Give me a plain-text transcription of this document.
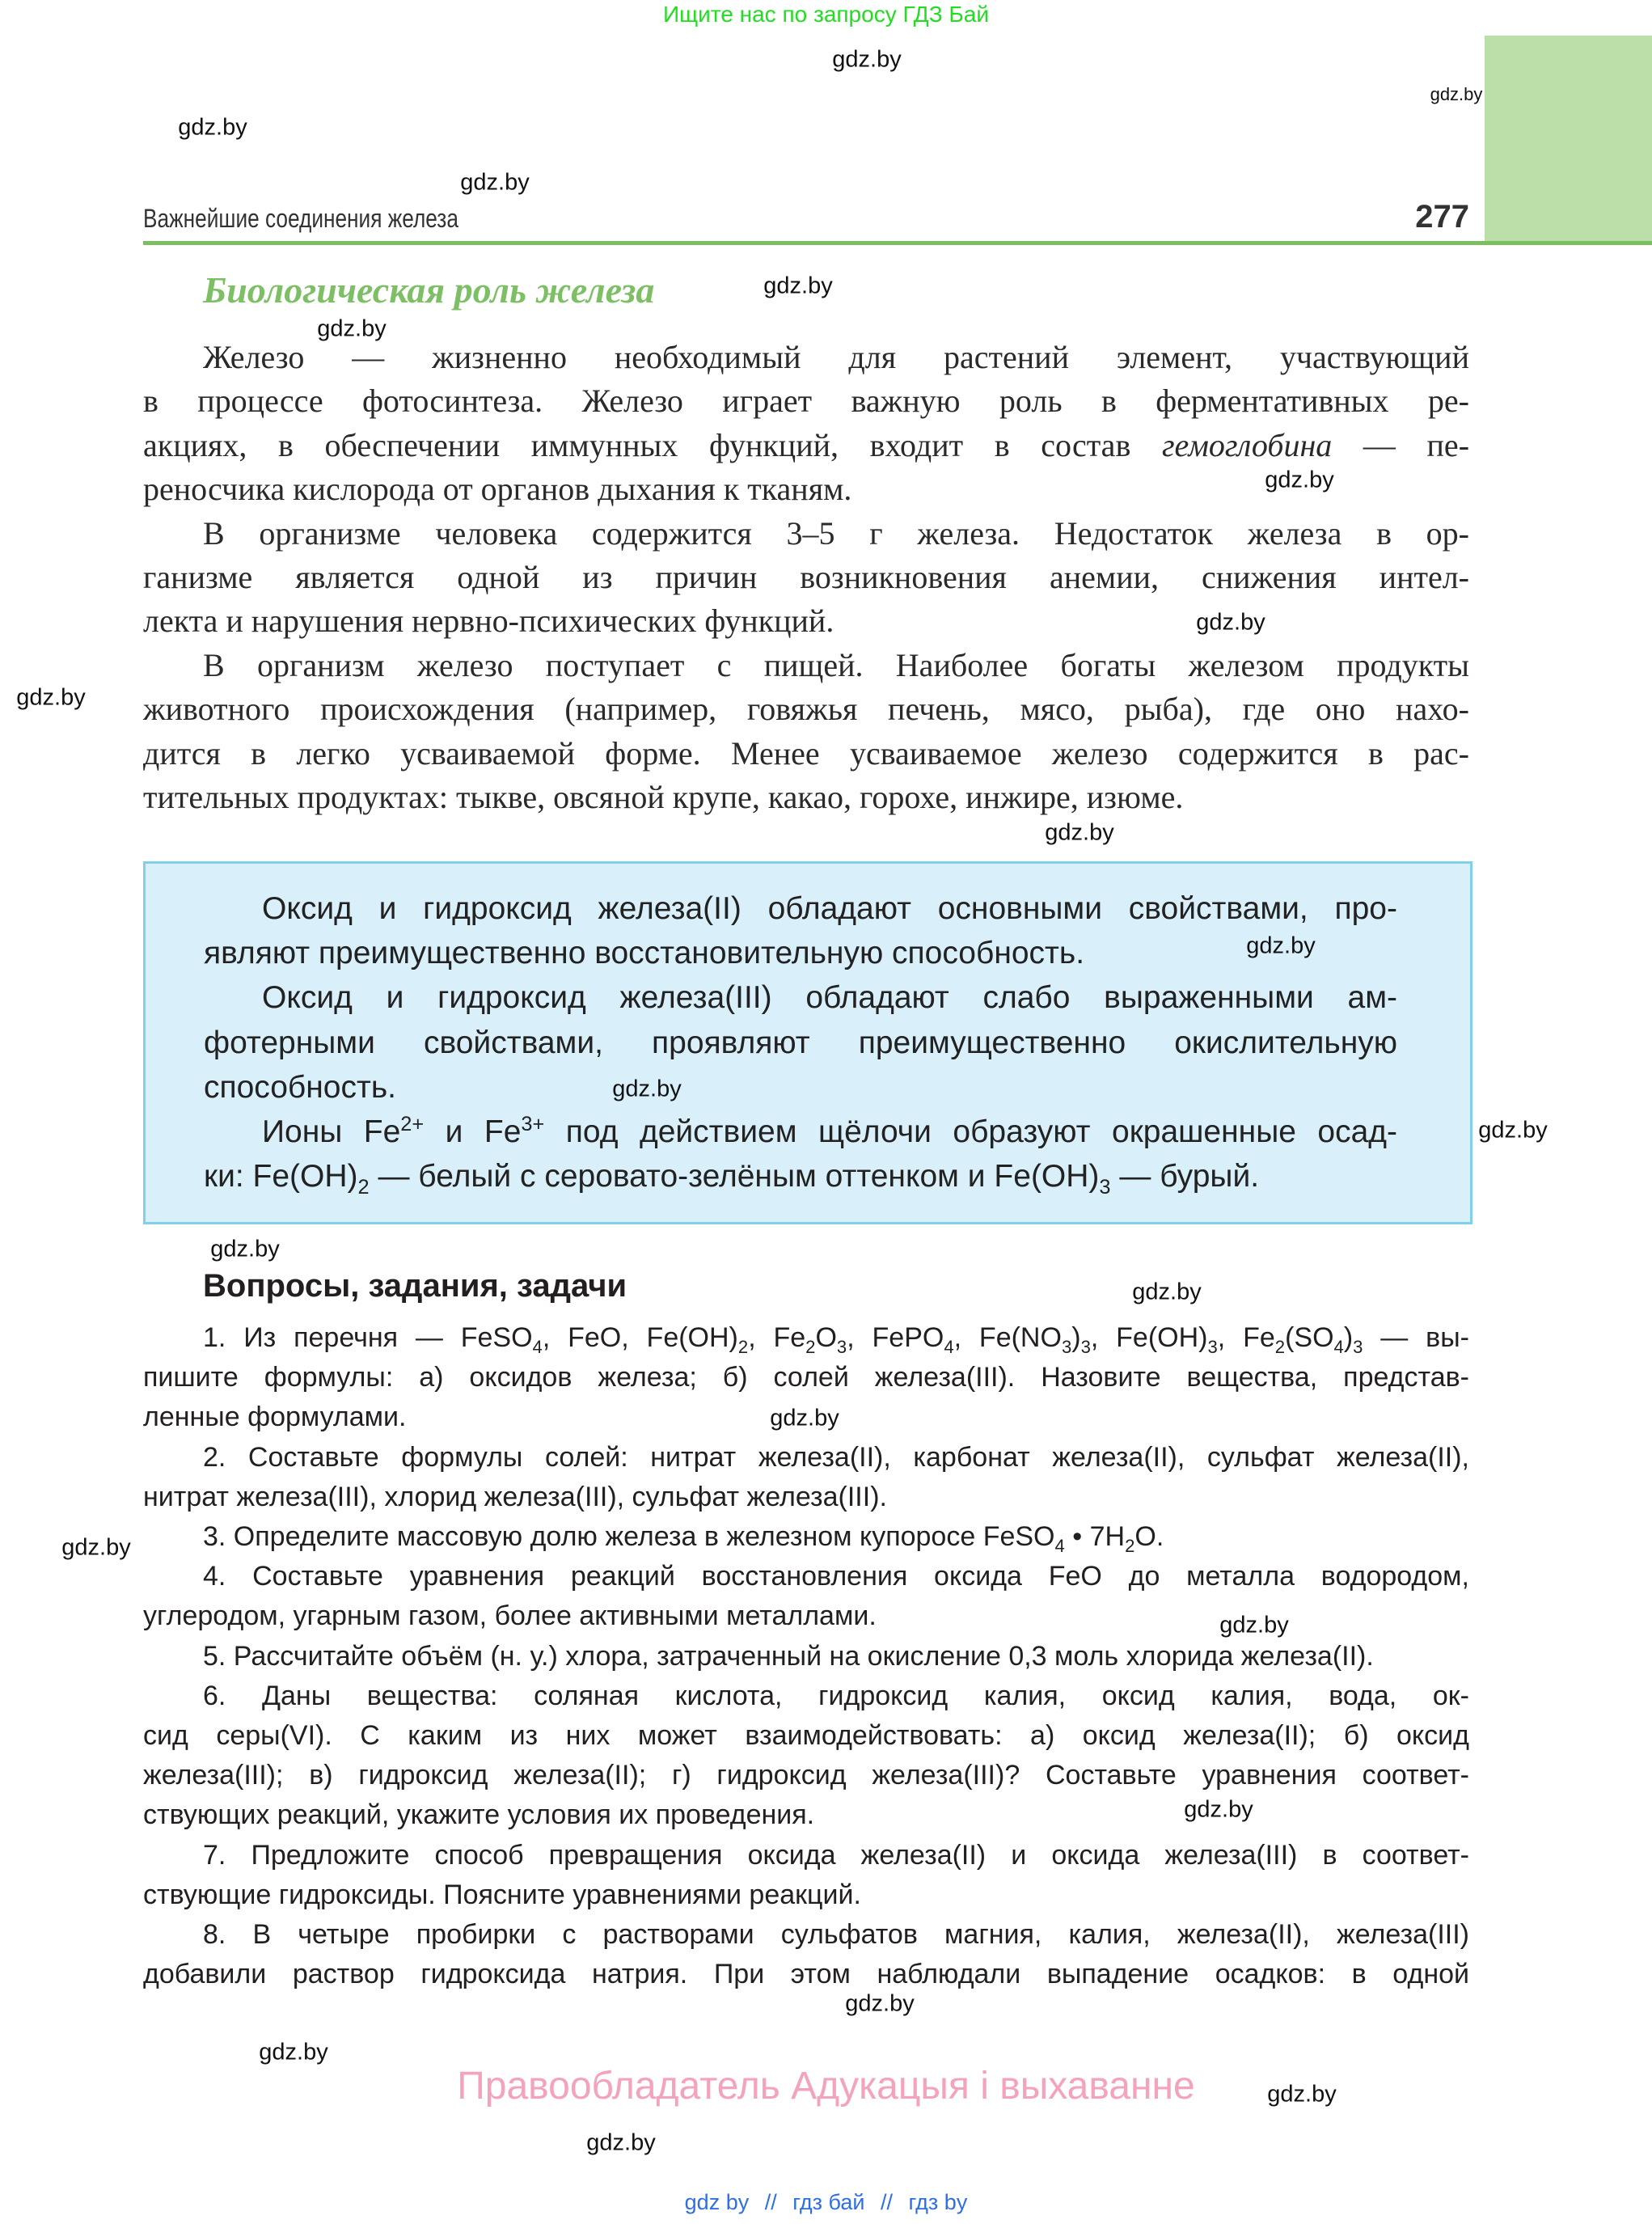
Ищите нас по запросу ГДЗ Бай
Важнейшие соединения железа	277
Биологическая роль железа
Железо — жизненно необходимый для растений элемент, участвующий
в процессе фотосинтеза. Железо играет важную роль в ферментативных ре-
акциях, в обеспечении иммунных функций, входит в состав гемоглобина — пе-
реносчика кислорода от органов дыхания к тканям.
В организме человека содержится 3–5 г железа. Недостаток железа в ор-
ганизме является одной из причин возникновения анемии, снижения интел-
лекта и нарушения нервно-психических функций.
В организм железо поступает с пищей. Наиболее богаты железом продукты
животного происхождения (например, говяжья печень, мясо, рыба), где оно нахо-
дится в легко усваиваемой форме. Менее усваиваемое железо содержится в рас-
тительных продуктах: тыкве, овсяной крупе, какао, горохе, инжире, изюме.
Оксид и гидроксид железа(II) обладают основными свойствами, про-
являют преимущественно восстановительную способность.
Оксид и гидроксид железа(III) обладают слабо выраженными ам-
фотерными свойствами, проявляют преимущественно окислительную
способность.
Ионы $Fe^{2+}$ и $Fe^{3+}$ под действием щёлочи образуют окрашенные осад-
ки: $Fe(OH)_2$ — белый с серовато-зелёным оттенком и $Fe(OH)_3$ — бурый.
Вопросы, задания, задачи
1. Из перечня — FeSO$_4$, FeO, $Fe(OH)_2$, $Fe_2O_3$, FePO$_4$, $Fe(NO_3)_3$, $Fe(OH)_3$, $Fe_2(SO_4)_3$ — вы-
пишите формулы: а) оксидов железа; б) солей железа(III). Назовите вещества, представ-
ленные формулами.
2. Составьте формулы солей: нитрат железа(II), карбонат железа(II), сульфат железа(II),
нитрат железа(III), хлорид железа(III), сульфат железа(III).
3. Определите массовую долю железа в железном купоросе FeSO$_4$ • $7H_2O$.
4. Составьте уравнения реакций восстановления оксида FeO до металла водородом,
углеродом, угарным газом, более активными металлами.
5. Рассчитайте объём (н. у.) хлора, затраченный на окисление 0,3 моль хлорида железа(II).
6. Даны вещества: соляная кислота, гидроксид калия, оксид калия, вода, ок-
сид серы(VI). С каким из них может взаимодействовать: а) оксид железа(II); б) оксид
железа(III); в) гидроксид железа(II); г) гидроксид железа(III)? Составьте уравнения соответ-
ствующих реакций, укажите условия их проведения.
7. Предложите способ превращения оксида железа(II) и оксида железа(III) в соответ-
ствующие гидроксиды. Поясните уравнениями реакций.
8. В четыре пробирки с растворами сульфатов магния, калия, железа(II), железа(III)
добавили раствор гидроксида натрия. При этом наблюдали выпадение осадков: в одной
Правообладатель Адукацыя і выхаванне
gdz by // гдз бай // гдз by
gdz.by
gdz.by
gdz.by
gdz.by
gdz.by
gdz.by
gdz.by
gdz.by
gdz.by
gdz.by
gdz.by
gdz.by
gdz.by
gdz.by
gdz.by
gdz.by
gdz.by
gdz.by
gdz.by
gdz.by
gdz.by
gdz.by
gdz.by
